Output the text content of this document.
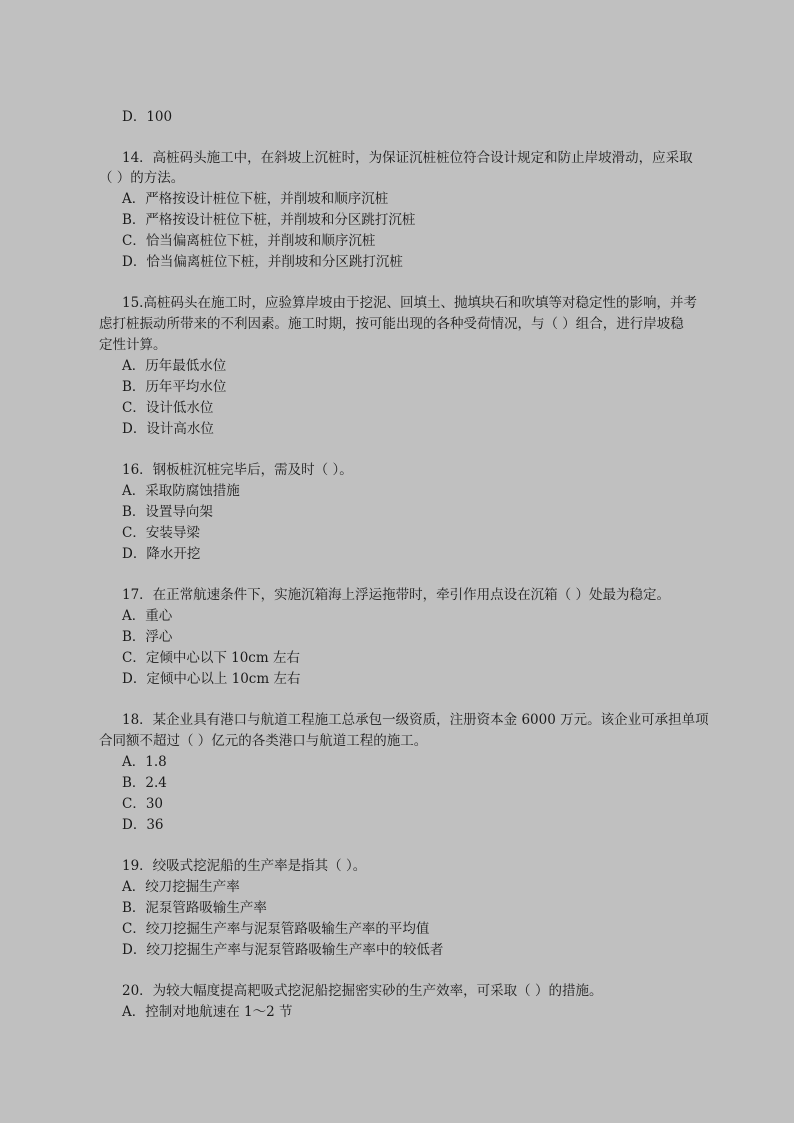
D．100
14．高桩码头施工中，在斜坡上沉桩时，为保证沉桩桩位符合设计规定和防止岸坡滑动，应采取
（ ）的方法。
A．严格按设计桩位下桩，并削坡和顺序沉桩
B．严格按设计桩位下桩，并削坡和分区跳打沉桩
C．恰当偏离桩位下桩，并削坡和顺序沉桩
D．恰当偏离桩位下桩，并削坡和分区跳打沉桩
15.高桩码头在施工时，应验算岸坡由于挖泥、回填土、抛填块石和吹填等对稳定性的影响，并考
虑打桩振动所带来的不利因素。施工时期，按可能出现的各种受荷情况，与（ ）组合，进行岸坡稳
定性计算。
A．历年最低水位
B．历年平均水位
C．设计低水位
D．设计高水位
16．钢板桩沉桩完毕后，需及时（ ）。
A．采取防腐蚀措施
B．设置导向架
C．安装导梁
D．降水开挖
17．在正常航速条件下，实施沉箱海上浮运拖带时，牵引作用点设在沉箱（ ）处最为稳定。
A．重心
B．浮心
C．定倾中心以下 10cm 左右
D．定倾中心以上 10cm 左右
18．某企业具有港口与航道工程施工总承包一级资质，注册资本金 6000 万元。该企业可承担单项
合同额不超过（ ）亿元的各类港口与航道工程的施工。
A．1.8
B．2.4
C．30
D．36
19．绞吸式挖泥船的生产率是指其（ ）。
A．绞刀挖掘生产率
B．泥泵管路吸输生产率
C．绞刀挖掘生产率与泥泵管路吸输生产率的平均值
D．绞刀挖掘生产率与泥泵管路吸输生产率中的较低者
20．为较大幅度提高耙吸式挖泥船挖掘密实砂的生产效率，可采取（ ）的措施。
A．控制对地航速在 1～2 节
